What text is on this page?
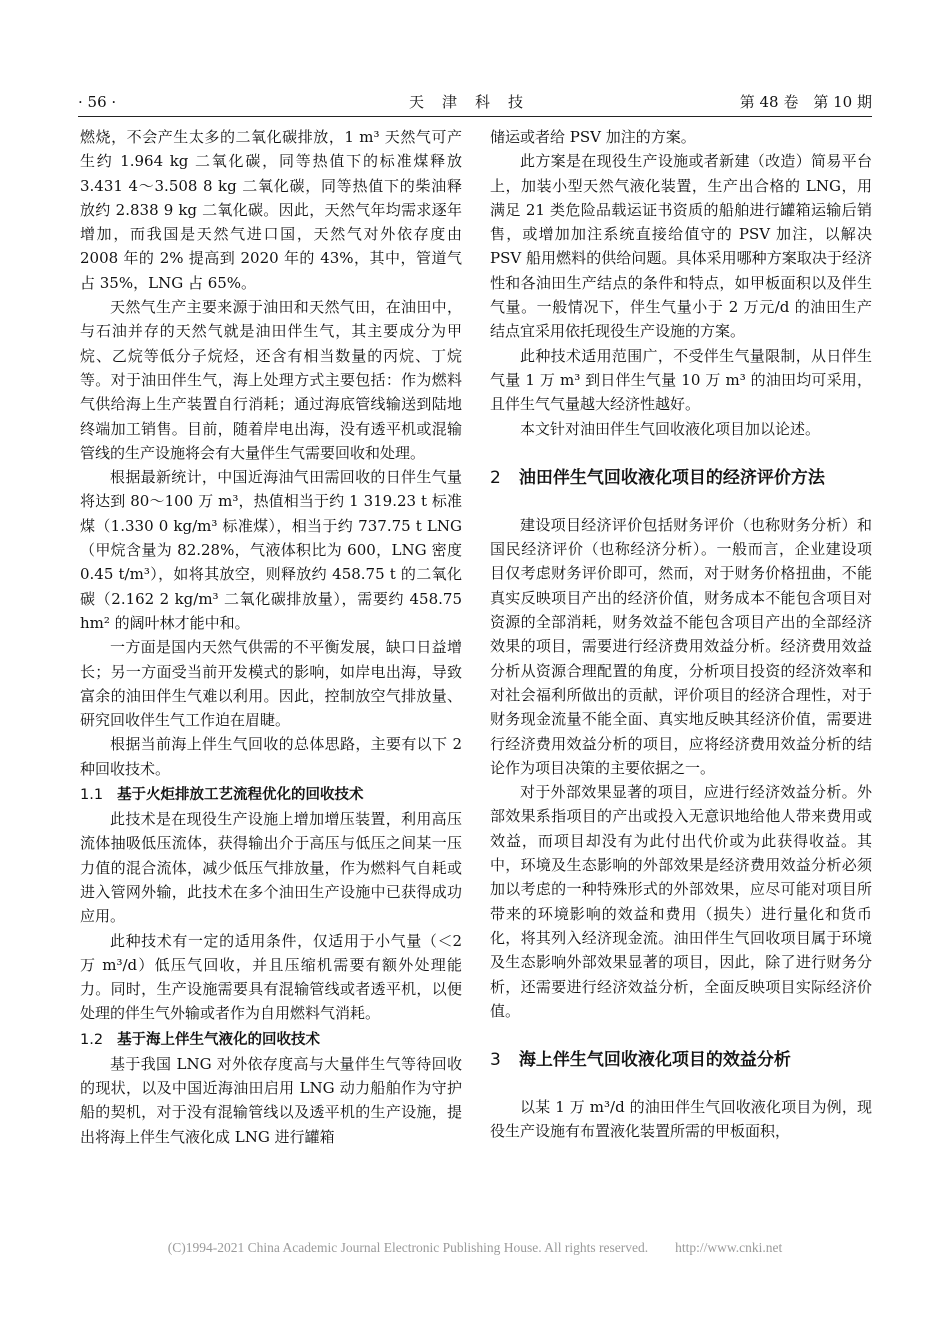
· 56 ·	天津科技	第 48 卷　第 10 期

燃烧，不会产生太多的二氧化碳排放，1 m³ 天然气可产生约 1.964 kg 二氧化碳，同等热值下的标准煤释放 3.431 4～3.508 8 kg 二氧化碳，同等热值下的柴油释放约 2.838 9 kg 二氧化碳。因此，天然气年均需求逐年增加，而我国是天然气进口国，天然气对外依存度由 2008 年的 2% 提高到 2020 年的 43%，其中，管道气占 35%，LNG 占 65%。

天然气生产主要来源于油田和天然气田，在油田中，与石油并存的天然气就是油田伴生气，其主要成分为甲烷、乙烷等低分子烷烃，还含有相当数量的丙烷、丁烷等。对于油田伴生气，海上处理方式主要包括：作为燃料气供给海上生产装置自行消耗；通过海底管线输送到陆地终端加工销售。目前，随着岸电出海，没有透平机或混输管线的生产设施将会有大量伴生气需要回收和处理。

根据最新统计，中国近海油气田需回收的日伴生气量将达到 80～100 万 m³，热值相当于约 1 319.23 t 标准煤（1.330 0 kg/m³ 标准煤），相当于约 737.75 t LNG（甲烷含量为 82.28%，气液体积比为 600，LNG 密度 0.45 t/m³），如将其放空，则释放约 458.75 t 的二氧化碳（2.162 2 kg/m³ 二氧化碳排放量），需要约 458.75 hm² 的阔叶林才能中和。

一方面是国内天然气供需的不平衡发展，缺口日益增长；另一方面受当前开发模式的影响，如岸电出海，导致富余的油田伴生气难以利用。因此，控制放空气排放量、研究回收伴生气工作迫在眉睫。

根据当前海上伴生气回收的总体思路，主要有以下 2 种回收技术。

1.1 基于火炬排放工艺流程优化的回收技术

此技术是在现役生产设施上增加增压装置，利用高压流体抽吸低压流体，获得输出介于高压与低压之间某一压力值的混合流体，减少低压气排放量，作为燃料气自耗或进入管网外输，此技术在多个油田生产设施中已获得成功应用。

此种技术有一定的适用条件，仅适用于小气量（＜2 万 m³/d）低压气回收，并且压缩机需要有额外处理能力。同时，生产设施需要具有混输管线或者透平机，以便处理的伴生气外输或者作为自用燃料气消耗。

1.2 基于海上伴生气液化的回收技术

基于我国 LNG 对外依存度高与大量伴生气等待回收的现状，以及中国近海油田启用 LNG 动力船舶作为守护船的契机，对于没有混输管线以及透平机的生产设施，提出将海上伴生气液化成 LNG 进行罐箱

储运或者给 PSV 加注的方案。

此方案是在现役生产设施或者新建（改造）简易平台上，加装小型天然气液化装置，生产出合格的 LNG，用满足 21 类危险品载运证书资质的船舶进行罐箱运输后销售，或增加加注系统直接给值守的 PSV 加注，以解决 PSV 船用燃料的供给问题。具体采用哪种方案取决于经济性和各油田生产结点的条件和特点，如甲板面积以及伴生气量。一般情况下，伴生气量小于 2 万元/d 的油田生产结点宜采用依托现役生产设施的方案。

此种技术适用范围广，不受伴生气量限制，从日伴生气量 1 万 m³ 到日伴生气量 10 万 m³ 的油田均可采用，且伴生气气量越大经济性越好。

本文针对油田伴生气回收液化项目加以论述。

2 油田伴生气回收液化项目的经济评价方法

建设项目经济评价包括财务评价（也称财务分析）和国民经济评价（也称经济分析）。一般而言，企业建设项目仅考虑财务评价即可，然而，对于财务价格扭曲，不能真实反映项目产出的经济价值，财务成本不能包含项目对资源的全部消耗，财务效益不能包含项目产出的全部经济效果的项目，需要进行经济费用效益分析。经济费用效益分析从资源合理配置的角度，分析项目投资的经济效率和对社会福利所做出的贡献，评价项目的经济合理性，对于财务现金流量不能全面、真实地反映其经济价值，需要进行经济费用效益分析的项目，应将经济费用效益分析的结论作为项目决策的主要依据之一。

对于外部效果显著的项目，应进行经济效益分析。外部效果系指项目的产出或投入无意识地给他人带来费用或效益，而项目却没有为此付出代价或为此获得收益。其中，环境及生态影响的外部效果是经济费用效益分析必须加以考虑的一种特殊形式的外部效果，应尽可能对项目所带来的环境影响的效益和费用（损失）进行量化和货币化，将其列入经济现金流。油田伴生气回收项目属于环境及生态影响外部效果显著的项目，因此，除了进行财务分析，还需要进行经济效益分析，全面反映项目实际经济价值。

3 海上伴生气回收液化项目的效益分析

以某 1 万 m³/d 的油田伴生气回收液化项目为例，现役生产设施有布置液化装置所需的甲板面积，

(C)1994-2021 China Academic Journal Electronic Publishing House. All rights reserved.　　http://www.cnki.net
